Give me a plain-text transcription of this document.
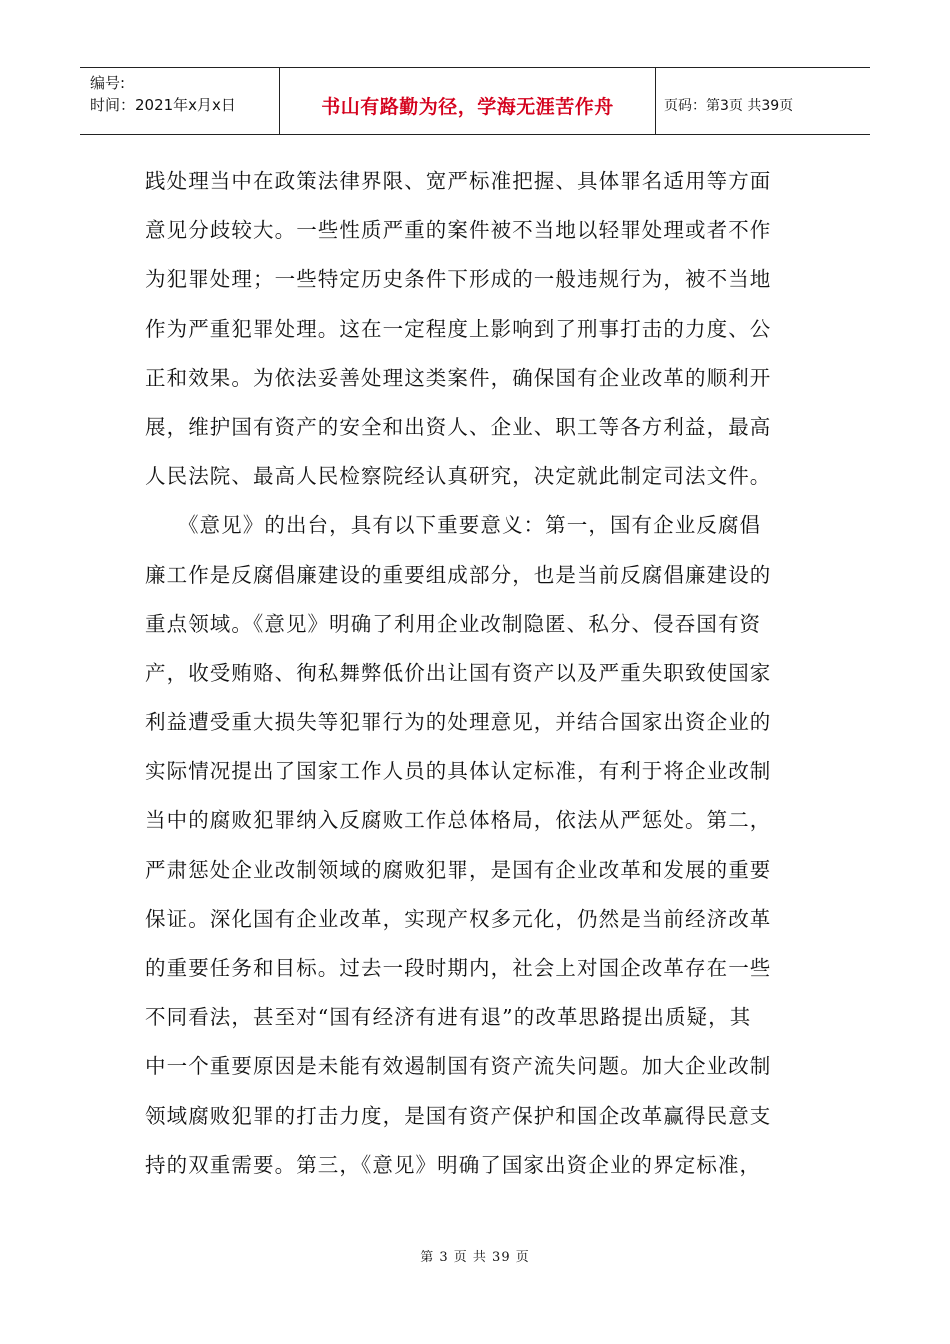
编号:
时间：2021年x月x日	书山有路勤为径，学海无涯苦作舟	页码：第3页 共39页
践处理当中在政策法律界限、宽严标准把握、具体罪名适用等方面
意见分歧较大。一些性质严重的案件被不当地以轻罪处理或者不作
为犯罪处理；一些特定历史条件下形成的一般违规行为，被不当地
作为严重犯罪处理。这在一定程度上影响到了刑事打击的力度、公
正和效果。为依法妥善处理这类案件，确保国有企业改革的顺利开
展，维护国有资产的安全和出资人、企业、职工等各方利益，最高
人民法院、最高人民检察院经认真研究，决定就此制定司法文件。
　　《意见》的出台，具有以下重要意义：第一，国有企业反腐倡
廉工作是反腐倡廉建设的重要组成部分，也是当前反腐倡廉建设的
重点领域。《意见》明确了利用企业改制隐匿、私分、侵吞国有资
产，收受贿赂、徇私舞弊低价出让国有资产以及严重失职致使国家
利益遭受重大损失等犯罪行为的处理意见，并结合国家出资企业的
实际情况提出了国家工作人员的具体认定标准，有利于将企业改制
当中的腐败犯罪纳入反腐败工作总体格局，依法从严惩处。第二，
严肃惩处企业改制领域的腐败犯罪，是国有企业改革和发展的重要
保证。深化国有企业改革，实现产权多元化，仍然是当前经济改革
的重要任务和目标。过去一段时期内，社会上对国企改革存在一些
不同看法，甚至对“国有经济有进有退”的改革思路提出质疑，其
中一个重要原因是未能有效遏制国有资产流失问题。加大企业改制
领域腐败犯罪的打击力度，是国有资产保护和国企改革赢得民意支
持的双重需要。第三，《意见》明确了国家出资企业的界定标准，
第 3 页 共 39 页
